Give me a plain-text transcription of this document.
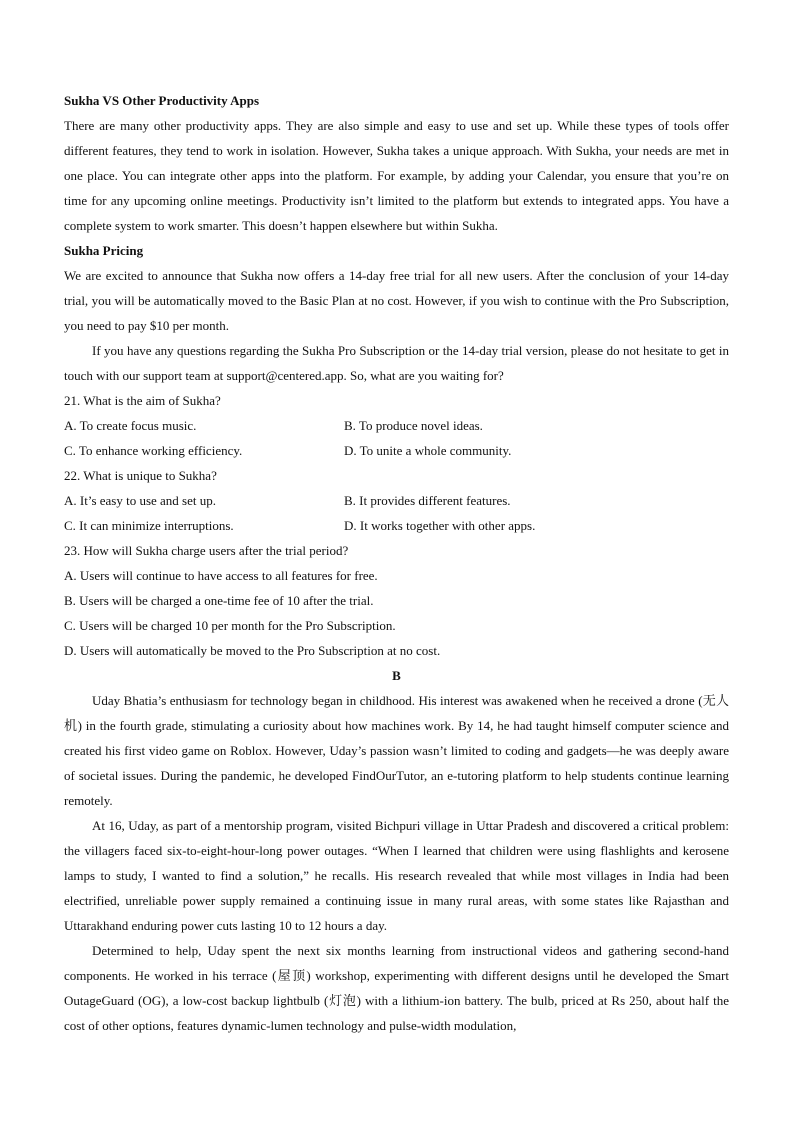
Sukha VS Other Productivity Apps
There are many other productivity apps. They are also simple and easy to use and set up. While these types of tools offer different features, they tend to work in isolation. However, Sukha takes a unique approach. With Sukha, your needs are met in one place. You can integrate other apps into the platform. For example, by adding your Calendar, you ensure that you’re on time for any upcoming online meetings. Productivity isn’t limited to the platform but extends to integrated apps. You have a complete system to work smarter. This doesn’t happen elsewhere but within Sukha.
Sukha Pricing
We are excited to announce that Sukha now offers a 14-day free trial for all new users. After the conclusion of your 14-day trial, you will be automatically moved to the Basic Plan at no cost. However, if you wish to continue with the Pro Subscription, you need to pay $10 per month.
If you have any questions regarding the Sukha Pro Subscription or the 14-day trial version, please do not hesitate to get in touch with our support team at support@centered.app. So, what are you waiting for?
21. What is the aim of Sukha?
A. To create focus music.	B. To produce novel ideas.
C. To enhance working efficiency.	D. To unite a whole community.
22. What is unique to Sukha?
A. It’s easy to use and set up.	B. It provides different features.
C. It can minimize interruptions.	D. It works together with other apps.
23. How will Sukha charge users after the trial period?
A. Users will continue to have access to all features for free.
B. Users will be charged a one-time fee of 10 after the trial.
C. Users will be charged 10 per month for the Pro Subscription.
D. Users will automatically be moved to the Pro Subscription at no cost.
B
Uday Bhatia’s enthusiasm for technology began in childhood. His interest was awakened when he received a drone (无人机) in the fourth grade, stimulating a curiosity about how machines work. By 14, he had taught himself computer science and created his first video game on Roblox. However, Uday’s passion wasn’t limited to coding and gadgets—he was deeply aware of societal issues. During the pandemic, he developed FindOurTutor, an e-tutoring platform to help students continue learning remotely.
At 16, Uday, as part of a mentorship program, visited Bichpuri village in Uttar Pradesh and discovered a critical problem: the villagers faced six-to-eight-hour-long power outages. “When I learned that children were using flashlights and kerosene lamps to study, I wanted to find a solution,” he recalls. His research revealed that while most villages in India had been electrified, unreliable power supply remained a continuing issue in many rural areas, with some states like Rajasthan and Uttarakhand enduring power cuts lasting 10 to 12 hours a day.
Determined to help, Uday spent the next six months learning from instructional videos and gathering second-hand components. He worked in his terrace (屋顶) workshop, experimenting with different designs until he developed the Smart OutageGuard (OG), a low-cost backup lightbulb (灯泡) with a lithium-ion battery. The bulb, priced at Rs 250, about half the cost of other options, features dynamic-lumen technology and pulse-width modulation,
